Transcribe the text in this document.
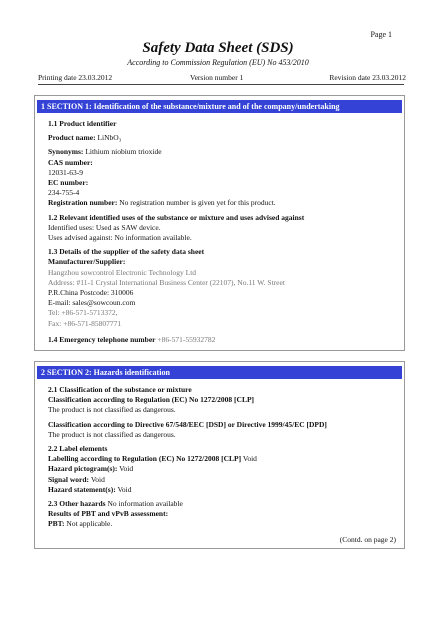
Page 1
Safety Data Sheet (SDS)
According to Commission Regulation (EU) No 453/2010
Printing date 23.03.2012	Version number 1	Revision date 23.03.2012
1 SECTION 1: Identification of the substance/mixture and of the company/undertaking
1.1 Product identifier
Product name: LiNbO₃
Synonyms: Lithium niobium trioxide
CAS number:
12031-63-9
EC number:
234-755-4
Registration number: No registration number is given yet for this product.
1.2 Relevant identified uses of the substance or mixture and uses advised against
Identified uses: Used as SAW device.
Uses advised against: No information available.
1.3 Details of the supplier of the safety data sheet
Manufacturer/Supplier:
Hangzhou sowcontrol Electronic Technology Ltd
Address: #11-1 Crystal International Business Center (22107), No.11 W. Street
P.R.China Postcode: 310006
E-mail: sales@sowcoun.com
Tel: +86-571-5713372,
Fax: +86-571-85807771
1.4 Emergency telephone number +86-571-55932782
2 SECTION 2: Hazards identification
2.1 Classification of the substance or mixture
Classification according to Regulation (EC) No 1272/2008 [CLP]
The product is not classified as dangerous.
Classification according to Directive 67/548/EEC [DSD] or Directive 1999/45/EC [DPD]
The product is not classified as dangerous.
2.2 Label elements
Labelling according to Regulation (EC) No 1272/2008 [CLP] Void
Hazard pictogram(s): Void
Signal word: Void
Hazard statement(s): Void
2.3 Other hazards No information available
Results of PBT and vPvB assessment:
PBT: Not applicable.
(Contd. on page 2)
